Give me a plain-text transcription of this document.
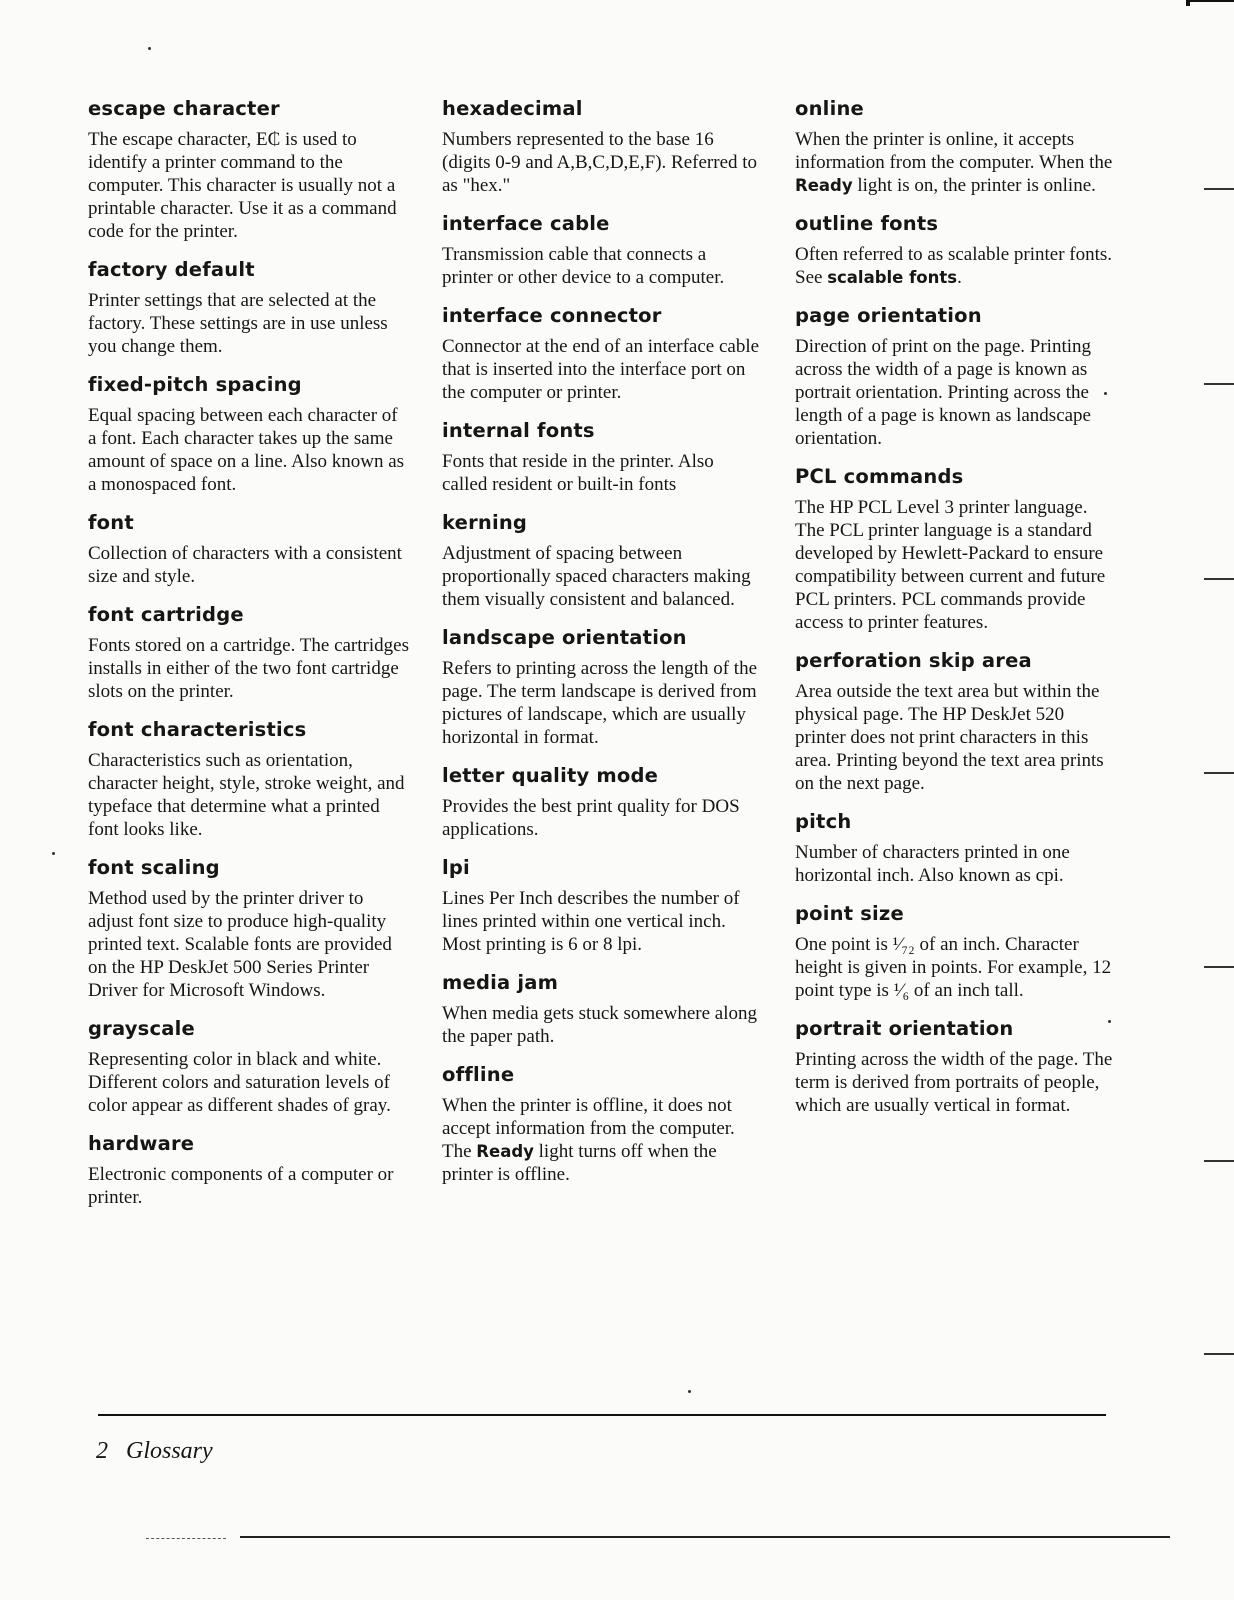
escape character

The escape character, E₵ is used to identify a printer command to the computer. This character is usually not a printable character. Use it as a command code for the printer.

factory default

Printer settings that are selected at the factory. These settings are in use unless you change them.

fixed-pitch spacing

Equal spacing between each character of a font. Each character takes up the same amount of space on a line. Also known as a monospaced font.

font

Collection of characters with a consistent size and style.

font cartridge

Fonts stored on a cartridge. The cartridges installs in either of the two font cartridge slots on the printer.

font characteristics

Characteristics such as orientation, character height, style, stroke weight, and typeface that determine what a printed font looks like.

font scaling

Method used by the printer driver to adjust font size to produce high-quality printed text. Scalable fonts are provided on the HP DeskJet 500 Series Printer Driver for Microsoft Windows.

grayscale

Representing color in black and white. Different colors and saturation levels of color appear as different shades of gray.

hardware

Electronic components of a computer or printer.

hexadecimal

Numbers represented to the base 16 (digits 0-9 and A,B,C,D,E,F). Referred to as "hex."

interface cable

Transmission cable that connects a printer or other device to a computer.

interface connector

Connector at the end of an interface cable that is inserted into the interface port on the computer or printer.

internal fonts

Fonts that reside in the printer. Also called resident or built-in fonts

kerning

Adjustment of spacing between proportionally spaced characters making them visually consistent and balanced.

landscape orientation

Refers to printing across the length of the page. The term landscape is derived from pictures of landscape, which are usually horizontal in format.

letter quality mode

Provides the best print quality for DOS applications.

lpi

Lines Per Inch describes the number of lines printed within one vertical inch. Most printing is 6 or 8 lpi.

media jam

When media gets stuck somewhere along the paper path.

offline

When the printer is offline, it does not accept information from the computer. The Ready light turns off when the printer is offline.

online

When the printer is online, it accepts information from the computer. When the Ready light is on, the printer is online.

outline fonts

Often referred to as scalable printer fonts. See scalable fonts.

page orientation

Direction of print on the page. Printing across the width of a page is known as portrait orientation. Printing across the length of a page is known as landscape orientation.

PCL commands

The HP PCL Level 3 printer language. The PCL printer language is a standard developed by Hewlett-Packard to ensure compatibility between current and future PCL printers. PCL commands provide access to printer features.

perforation skip area

Area outside the text area but within the physical page. The HP DeskJet 520 printer does not print characters in this area. Printing beyond the text area prints on the next page.

pitch

Number of characters printed in one horizontal inch. Also known as cpi.

point size

One point is ¹⁄₇₂ of an inch. Character height is given in points. For example, 12 point type is ¹⁄₆ of an inch tall.

portrait orientation

Printing across the width of the page. The term is derived from portraits of people, which are usually vertical in format.

2 Glossary
